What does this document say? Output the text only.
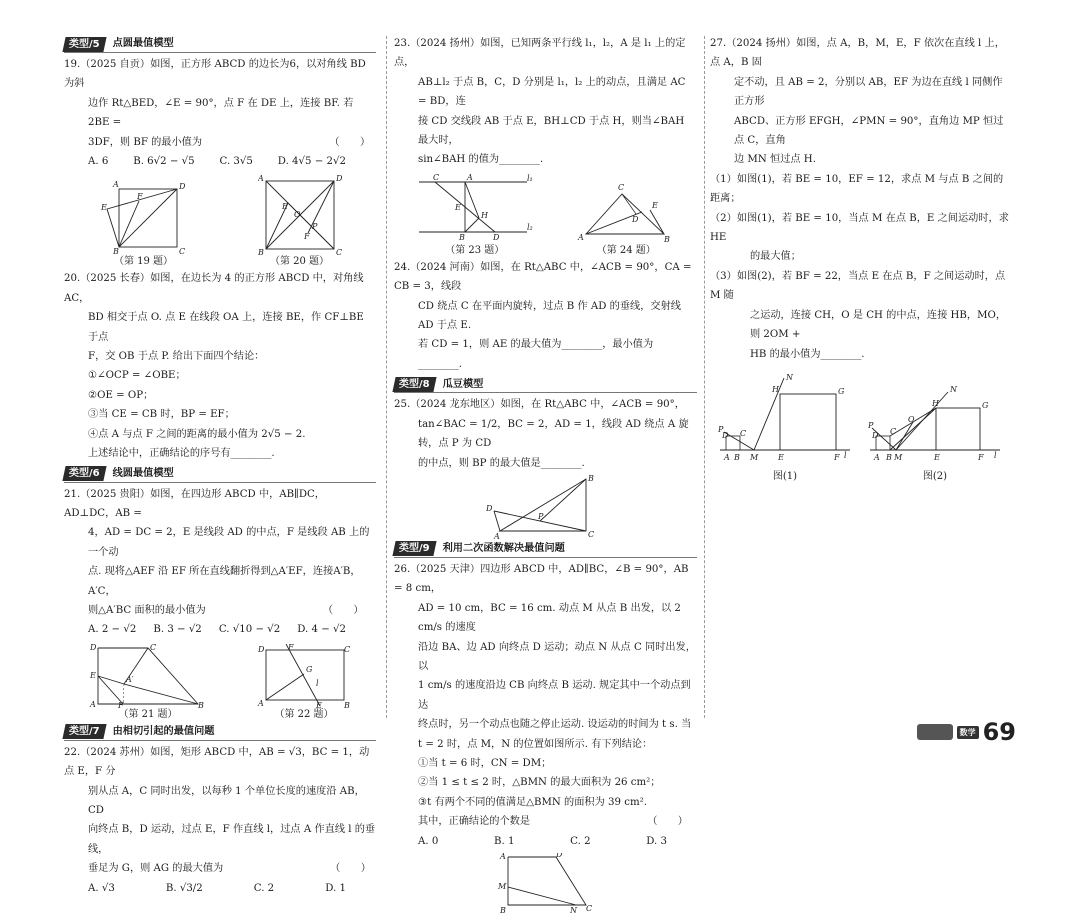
类型/5	点圆最值模型

19.（2025 自贡）如图，正方形 ABCD 的边长为6，以对角线 BD 为斜

边作 Rt△BED，∠E = 90°，点 F 在 DE 上，连接 BF. 若 2BE =

3DF，则 BF 的最小值为　　　　　　　　　　　　　（　　）

A. 6 B. 6√2 − √5 C. 3√5 D. 4√5 − 2√2
A	D
E
F
B	C
（第 19 题）
A	D
O
E
P
F
B	C
（第 20 题）

20.（2025 长春）如图，在边长为 4 的正方形 ABCD 中，对角线 AC，

BD 相交于点 O. 点 E 在线段 OA 上，连接 BE，作 CF⊥BE 于点

F，交 OB 于点 P. 给出下面四个结论：

①∠OCP = ∠OBE；

②OE = OP；

③当 CE = CB 时，BP = EF；

④点 A 与点 F 之间的距离的最小值为 2√5 − 2.

上述结论中，正确结论的序号有________.

类型/6	线圆最值模型

21.（2025 贵阳）如图，在四边形 ABCD 中，AB∥DC，AD⊥DC，AB =

4，AD = DC = 2，E 是线段 AD 的中点，F 是线段 AB 上的一个动

点. 现将△AEF 沿 EF 所在直线翻折得到△A′EF，连接A′B，A′C，

则△A′BC 面积的最小值为　　　　　　　　　　　　（　　）

A. 2 − √2 B. 3 − √2 C. √10 − √2 D. 4 − √2
D	C
E	A′
A	F	B
（第 21 题）
D	F
G
l
C
A	E	B
（第 22 题）
类型/7	由相切引起的最值问题

22.（2024 苏州）如图，矩形 ABCD 中，AB = √3，BC = 1，动点 E，F 分

别从点 A，C 同时出发，以每秒 1 个单位长度的速度沿 AB，CD

向终点 B，D 运动，过点 E，F 作直线 l，过点 A 作直线 l 的垂线，

垂足为 G，则 AG 的最大值为　　　　　　　　　　　（　　）

A. √3	B. √3/2	C. 2	D. 1

23.（2024 扬州）如图，已知两条平行线 l₁，l₂，A 是 l₁ 上的定点，

AB⊥l₂ 于点 B，C，D 分别是 l₁，l₂ 上的动点，且满足 AC = BD，连

接 CD 交线段 AB 于点 E，BH⊥CD 于点 H，则当∠BAH 最大时，

sin∠BAH 的值为________.

C	A	l₁
E
H
B	D
l₂
（第 23 题）
C
E
D
A	B
（第 24 题）

24.（2024 河南）如图，在 Rt△ABC 中，∠ACB = 90°，CA = CB = 3，线段

CD 绕点 C 在平面内旋转，过点 B 作 AD 的垂线，交射线 AD 于点 E.

若 CD = 1，则 AE 的最大值为________，最小值为________.

类型/8	瓜豆模型

25.（2024 龙东地区）如图，在 Rt△ABC 中，∠ACB = 90°，

tan∠BAC = 1/2，BC = 2，AD = 1，线段 AD 绕点 A 旋转，点 P 为 CD

的中点，则 BP 的最大值是________.

D
P
B
A	C
类型/9	利用二次函数解决最值问题

26.（2025 天津）四边形 ABCD 中，AD∥BC，∠B = 90°，AB = 8 cm，

AD = 10 cm，BC = 16 cm. 动点 M 从点 B 出发，以 2 cm/s 的速度

沿边 BA、边 AD 向终点 D 运动；动点 N 从点 C 同时出发，以

1 cm/s 的速度沿边 CB 向终点 B 运动. 规定其中一个动点到达

终点时，另一个动点也随之停止运动. 设运动的时间为 t s. 当

t = 2 时，点 M，N 的位置如图所示. 有下列结论：

①当 t = 6 时，CN = DM；

②当 1 ≤ t ≤ 2 时，△BMN 的最大面积为 26 cm²；

③t 有两个不同的值满足△BMN 的面积为 39 cm².

其中，正确结论的个数是　　　　　　　　　　　　（　　）

A. 0	B. 1	C. 2	D. 3
A	D
M
B	N C

27.（2024 扬州）如图，点 A，B，M，E，F 依次在直线 l 上，点 A，B 固

定不动，且 AB = 2，分别以 AB，EF 为边在直线 l 同侧作正方形

ABCD、正方形 EFGH，∠PMN = 90°，直角边 MP 恒过点 C，直角

边 MN 恒过点 H.

（1）如图(1)，若 BE = 10，EF = 12，求点 M 与点 B 之间的距离；

（2）如图(1)，若 BE = 10，当点 M 在点 B，E 之间运动时，求 HE

的最大值；

（3）如图(2)，若 BF = 22，当点 E 在点 B，F 之间运动时，点 M 随

之运动，连接 CH，O 是 CH 的中点，连接 HB，MO，则 2OM +

HB 的最小值为________.

P C
D
A B M E	F l
H
N
G
图(1)
P
D C
O
A B M	E	F l
H
N
G
图(2)
数学 69
